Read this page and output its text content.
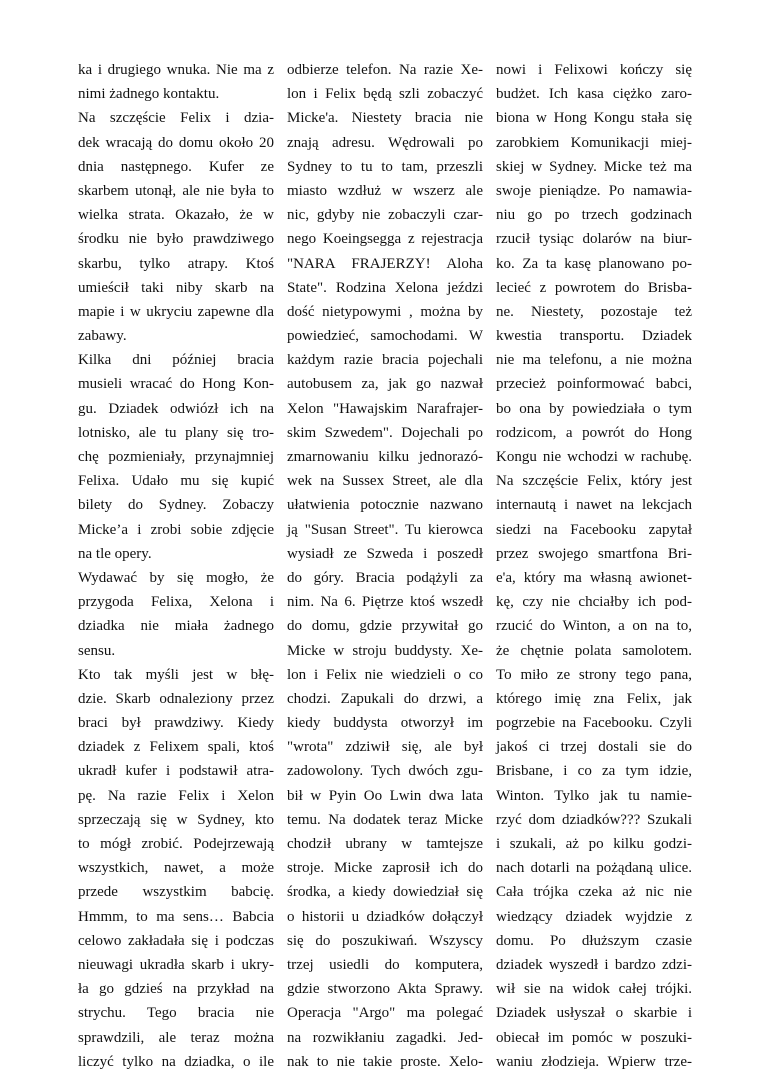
ka i drugiego wnuka. Nie ma z
nimi żadnego kontaktu.
Na szczęście Felix i dzia-
dek wracają do domu około 20
dnia następnego. Kufer ze
skarbem utonął, ale nie była to
wielka strata. Okazało, że w
środku nie było prawdziwego
skarbu, tylko atrapy. Ktoś
umieścił taki niby skarb na
mapie i w ukryciu zapewne dla
zabawy.
Kilka dni później bracia
musieli wracać do Hong Kon-
gu. Dziadek odwiózł ich na
lotnisko, ale tu plany się tro-
chę pozmieniały, przynajmniej
Felixa. Udało mu się kupić
bilety do Sydney. Zobaczy
Micke’a i zrobi sobie zdjęcie
na tle opery.
Wydawać by się mogło, że
przygoda Felixa, Xelona i
dziadka nie miała żadnego
sensu.
Kto tak myśli jest w błę-
dzie. Skarb odnaleziony przez
braci był prawdziwy. Kiedy
dziadek z Felixem spali, ktoś
ukradł kufer i podstawił atra-
pę. Na razie Felix i Xelon
sprzeczają się w Sydney, kto
to mógł zrobić. Podejrzewają
wszystkich, nawet, a może
przede wszystkim babcię.
Hmmm, to ma sens… Babcia
celowo zakładała się i podczas
nieuwagi ukradła skarb i ukry-
ła go gdzieś na przykład na
strychu. Tego bracia nie
sprawdzili, ale teraz można
liczyć tylko na dziadka, o ile
odbierze telefon. Na razie Xe-
lon i Felix będą szli zobaczyć
Micke'a. Niestety bracia nie
znają adresu. Wędrowali po
Sydney to tu to tam, przeszli
miasto wzdłuż w wszerz ale
nic, gdyby nie zobaczyli czar-
nego Koeingsegga z rejestracja
"NARA FRAJERZY! Aloha
State". Rodzina Xelona jeździ
dość nietypowymi , można by
powiedzieć, samochodami. W
każdym razie bracia pojechali
autobusem za, jak go nazwał
Xelon "Hawajskim Narafrajer-
skim Szwedem". Dojechali po
zmarnowaniu kilku jednorazó-
wek na Sussex Street, ale dla
ułatwienia potocznie nazwano
ją "Susan Street". Tu kierowca
wysiadł ze Szweda i poszedł
do góry. Bracia podążyli za
nim. Na 6. Piętrze ktoś wszedł
do domu, gdzie przywitał go
Micke w stroju buddysty. Xe-
lon i Felix nie wiedzieli o co
chodzi. Zapukali do drzwi, a
kiedy buddysta otworzył im
"wrota" zdziwił się, ale był
zadowolony. Tych dwóch zgu-
bił w Pyin Oo Lwin dwa lata
temu. Na dodatek teraz Micke
chodził ubrany w tamtejsze
stroje. Micke zaprosił ich do
środka, a kiedy dowiedział się
o historii u dziadków dołączył
się do poszukiwań. Wszyscy
trzej usiedli do komputera,
gdzie stworzono Akta Sprawy.
Operacja "Argo" ma polegać
na rozwikłaniu zagadki. Jed-
nak to nie takie proste. Xelo-
nowi i Felixowi kończy się
budżet. Ich kasa ciężko zaro-
biona w Hong Kongu stała się
zarobkiem Komunikacji miej-
skiej w Sydney. Micke też ma
swoje pieniądze. Po namawia-
niu go po trzech godzinach
rzucił tysiąc dolarów na biur-
ko. Za ta kasę planowano po-
lecieć z powrotem do Brisba-
ne. Niestety, pozostaje też
kwestia transportu. Dziadek
nie ma telefonu, a nie można
przecież poinformować babci,
bo ona by powiedziała o tym
rodzicom, a powrót do Hong
Kongu nie wchodzi w rachubę.
Na szczęście Felix, który jest
internautą i nawet na lekcjach
siedzi na Facebooku zapytał
przez swojego smartfona Bri-
e'a, który ma własną awionet-
kę, czy nie chciałby ich pod-
rzucić do Winton, a on na to,
że chętnie polata samolotem.
To miło ze strony tego pana,
którego imię zna Felix, jak
pogrzebie na Facebooku. Czyli
jakoś ci trzej dostali sie do
Brisbane, i co za tym idzie,
Winton. Tylko jak tu namie-
rzyć dom dziadków??? Szukali
i szukali, aż po kilku godzi-
nach dotarli na pożądaną ulice.
Cała trójka czeka aż nic nie
wiedzący dziadek wyjdzie z
domu. Po dłuższym czasie
dziadek wyszedł i bardzo zdzi-
wił sie na widok całej trójki.
Dziadek usłyszał o skarbie i
obiecał im pomóc w poszuki-
waniu złodzieja. Wpierw trze-
